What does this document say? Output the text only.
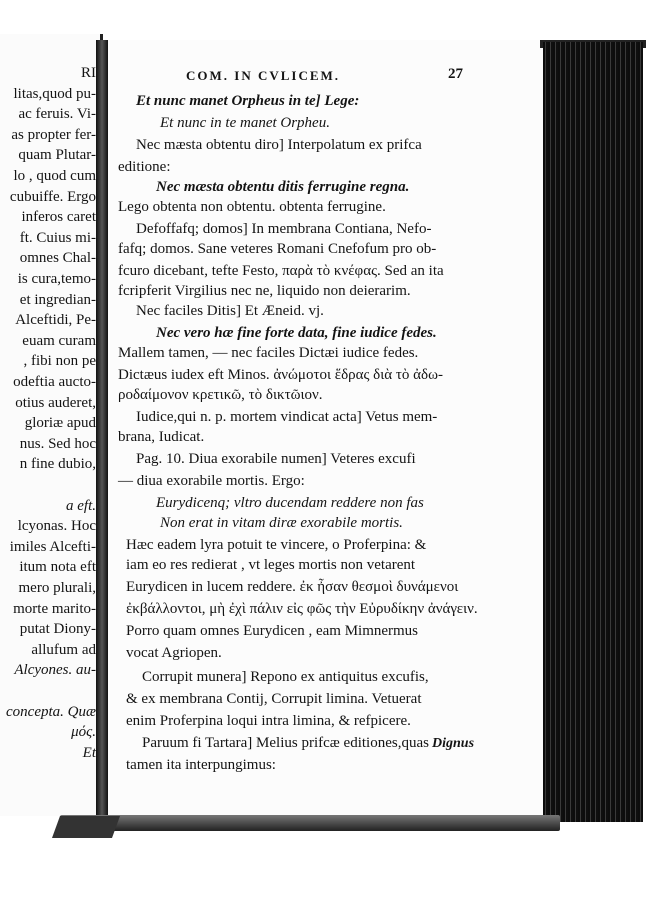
RI
litas,quod pu-
ac feruis. Vi-
as propter fer-
quam Plutar-
lo , quod cum
cubuiffe. Ergo
inferos caret
ft. Cuius mi-
omnes Chal-
is cura,temo-
et ingredian-
Alceftidi, Pe-
euam curam
, fibi non pe
odeftia aucto-
otius auderet,
gloriæ apud
nus. Sed hoc
n fine dubio,
a eft.
lcyonas. Hoc
imiles Alcefti-
itum nota eft
mero plurali,
morte marito-
putat Diony-
allufum ad
Alcyones. au-
concepta. Quæ
μός.
Et
COM. IN CVLICEM.	27
Et nunc manet Orpheus in te] Lege:
Et nunc in te manet Orpheu.
Nec mæsta obtentu diro] Interpolatum ex prifca
editione:
Nec mæsta obtentu ditis ferrugine regna.
Lego obtenta non obtentu. obtenta ferrugine.
Defoffafq; domos] In membrana Contiana, Nefo-
fafq; domos. Sane veteres Romani Cnefofum pro ob-
fcuro dicebant, tefte Festo, παρὰ τὸ κνέφας. Sed an ita
fcripferit Virgilius nec ne, liquido non deierarim.
Nec faciles Ditis] Et Æneid. vj.
Nec vero hæ fine forte data, fine iudice fedes.
Mallem tamen, — nec faciles Dictæi iudice fedes.
Dictæus iudex eft Minos. ἀνώμοτοι ἕδρας διὰ τὸ ἀδω-
ροδαίμονον κρετικῶ, τὸ δικτῶιον.
Iudice,qui n. p. mortem vindicat acta] Vetus mem-
brana, Iudicat.
Pag. 10. Diua exorabile numen] Veteres excufi
— diua exorabile mortis. Ergo:
Eurydicenq; vltro ducendam reddere non fas
Non erat in vitam diræ exorabile mortis.
Hæc eadem lyra potuit te vincere, o Proferpina: &
iam eo res redierat , vt leges mortis non vetarent
Eurydicen in lucem reddere. ἐκ ἦσαν θεσμοὶ δυνάμενοι
ἐκβάλλοντοι, μὴ ἐχὶ πάλιν εἰς φῶς τὴν Εὐρυδίκην ἀνάγειν.
Porro quam omnes Eurydicen , eam Mimnermus
vocat Agriopen.
Corrupit munera] Repono ex antiquitus excufis,
& ex membrana Contij, Corrupit limina. Vetuerat
enim Proferpina loqui intra limina, & refpicere.
Paruum fi Tartara] Melius prifcæ editiones,quas
tamen ita interpungimus:
Dignus
